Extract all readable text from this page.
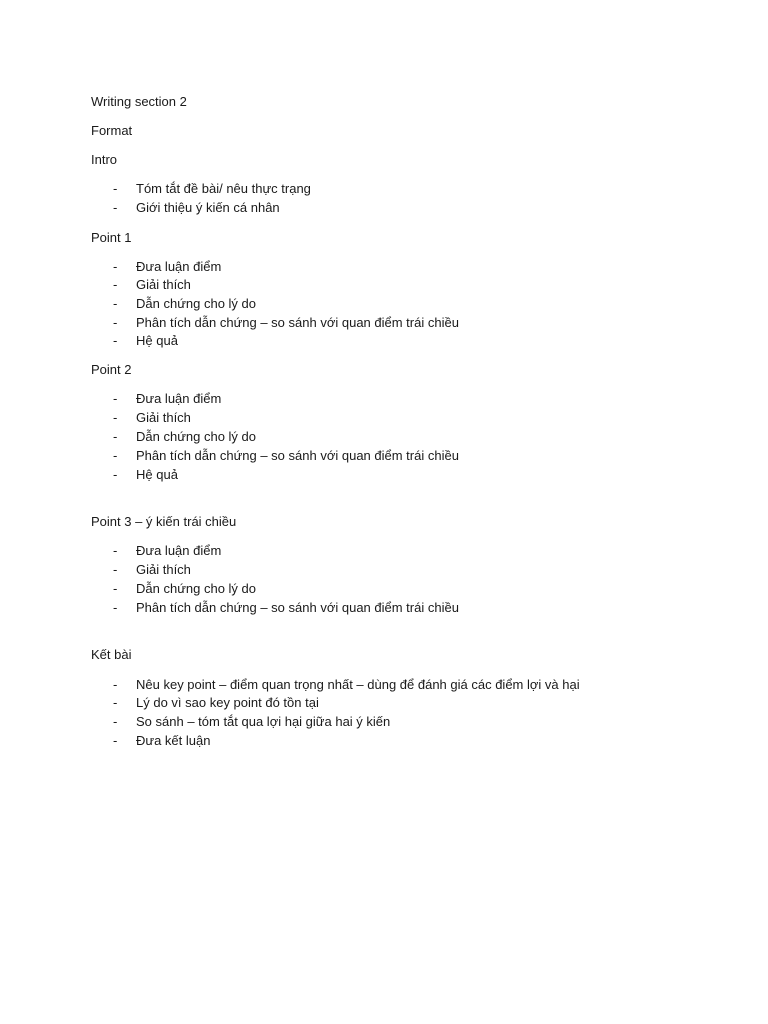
Writing section 2
Format
Intro
- Tóm tắt đề bài/ nêu thực trạng
- Giới thiệu ý kiến cá nhân
Point 1
- Đưa luận điểm
- Giải thích
- Dẫn chứng cho lý do
- Phân tích dẫn chứng – so sánh với quan điểm trái chiều
- Hệ quả
Point 2
- Đưa luận điểm
- Giải thích
- Dẫn chứng cho lý do
- Phân tích dẫn chứng – so sánh với quan điểm trái chiều
- Hệ quả
Point 3 – ý kiến trái chiều
- Đưa luận điểm
- Giải thích
- Dẫn chứng cho lý do
- Phân tích dẫn chứng – so sánh với quan điểm trái chiều
Kết bài
- Nêu key point – điểm quan trọng nhất – dùng để đánh giá các điểm lợi và hại
- Lý do vì sao key point đó tồn tại
- So sánh – tóm tắt qua lợi hại giữa hai ý kiến
- Đưa kết luận
